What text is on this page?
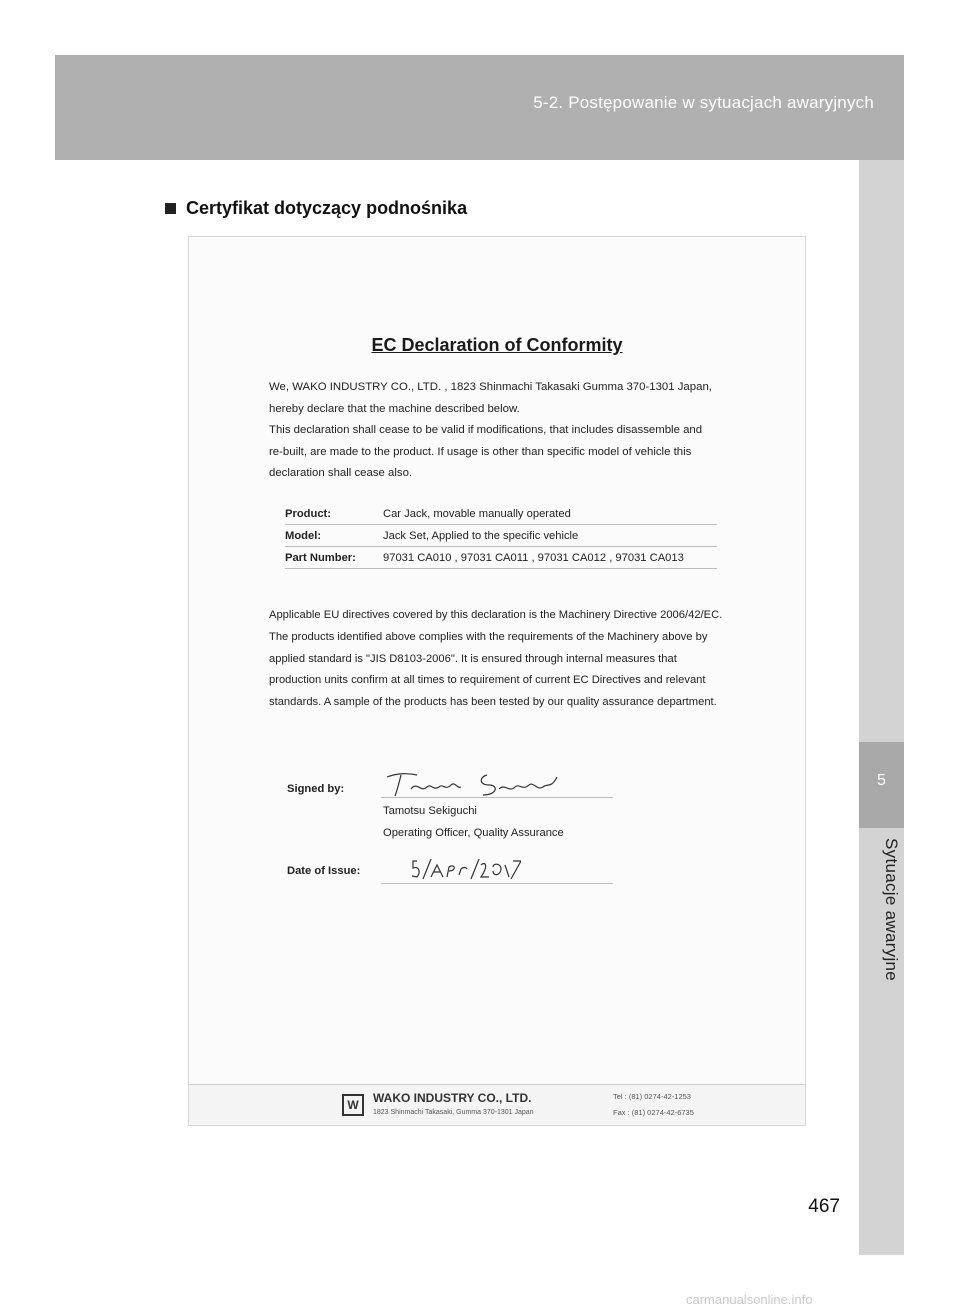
5-2. Postępowanie w sytuacjach awaryjnych
5
Sytuacje awaryjne
Certyfikat dotyczący podnośnika
EC Declaration of Conformity
We, WAKO INDUSTRY CO., LTD. , 1823 Shinmachi Takasaki Gumma 370-1301 Japan,
hereby declare that the machine described below.
This declaration shall cease to be valid if modifications, that includes disassemble and
re-built, are made to the product. If usage is other than specific model of vehicle this
declaration shall cease also.
Product:	Car Jack, movable manually operated
Model:	Jack Set, Applied to the specific vehicle
Part Number:	97031 CA010 , 97031 CA011 , 97031 CA012 , 97031 CA013
Applicable EU directives covered by this declaration is the Machinery Directive 2006/42/EC.
The products identified above complies with the requirements of the Machinery above by
applied standard is "JIS D8103-2006". It is ensured through internal measures that
production units confirm at all times to requirement of current EC Directives and relevant
standards. A sample of the products has been tested by our quality assurance department.
Signed by:
Tamotsu Sekiguchi
Operating Officer, Quality Assurance
Date of Issue:
W	WAKO INDUSTRY CO., LTD.
1823 Shinmachi Takasaki, Gumma 370-1301 Japan
Tel : (81) 0274-42-1253
Fax : (81) 0274-42-6735
467
carmanualsonline.info
